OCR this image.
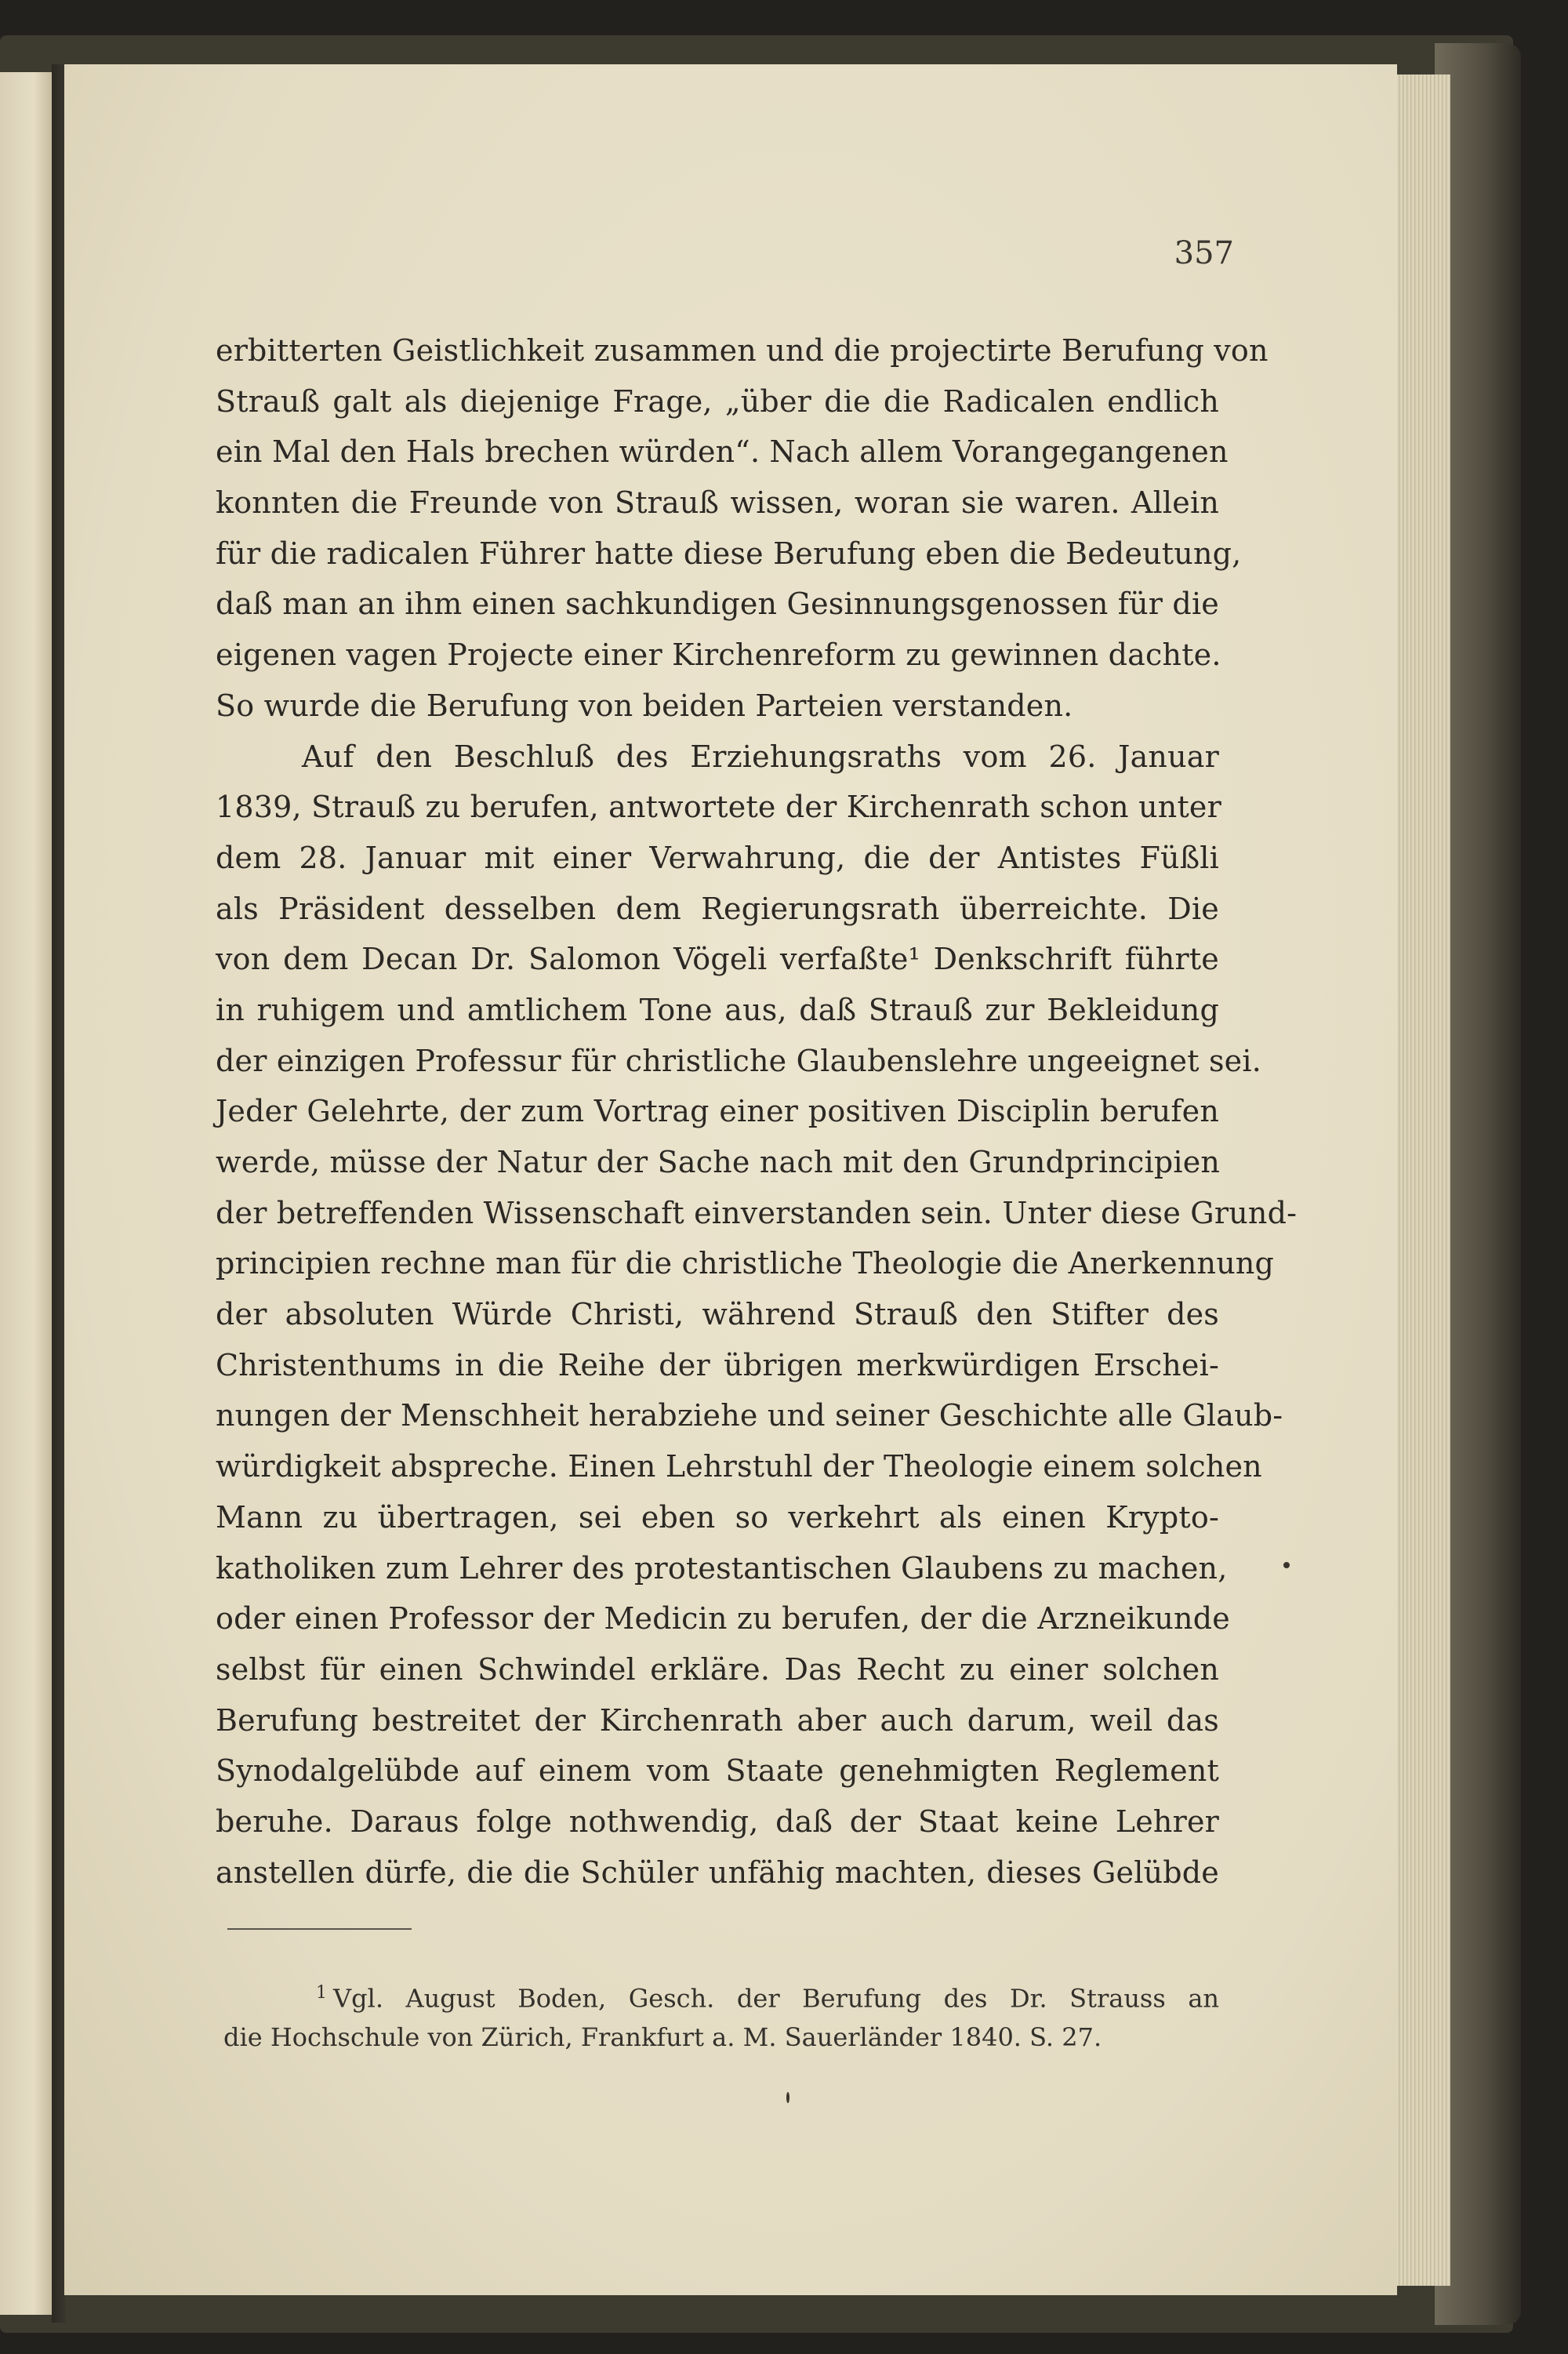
357
erbitterten Geistlichkeit zusammen und die projectirte Berufung von
Strauß galt als diejenige Frage, „über die die Radicalen endlich
ein Mal den Hals brechen würden“. Nach allem Vorangegangenen
konnten die Freunde von Strauß wissen, woran sie waren. Allein
für die radicalen Führer hatte diese Berufung eben die Bedeutung,
daß man an ihm einen sachkundigen Gesinnungsgenossen für die
eigenen vagen Projecte einer Kirchenreform zu gewinnen dachte.
So wurde die Berufung von beiden Parteien verstanden.
Auf den Beschluß des Erziehungsraths vom 26. Januar
1839, Strauß zu berufen, antwortete der Kirchenrath schon unter
dem 28. Januar mit einer Verwahrung, die der Antistes Füßli
als Präsident desselben dem Regierungsrath überreichte. Die
von dem Decan Dr. Salomon Vögeli verfaßte¹ Denkschrift führte
in ruhigem und amtlichem Tone aus, daß Strauß zur Bekleidung
der einzigen Professur für christliche Glaubenslehre ungeeignet sei.
Jeder Gelehrte, der zum Vortrag einer positiven Disciplin berufen
werde, müsse der Natur der Sache nach mit den Grundprincipien
der betreffenden Wissenschaft einverstanden sein. Unter diese Grund-
principien rechne man für die christliche Theologie die Anerkennung
der absoluten Würde Christi, während Strauß den Stifter des
Christenthums in die Reihe der übrigen merkwürdigen Erschei-
nungen der Menschheit herabziehe und seiner Geschichte alle Glaub-
würdigkeit abspreche. Einen Lehrstuhl der Theologie einem solchen
Mann zu übertragen, sei eben so verkehrt als einen Krypto-
katholiken zum Lehrer des protestantischen Glaubens zu machen,
oder einen Professor der Medicin zu berufen, der die Arzneikunde
selbst für einen Schwindel erkläre. Das Recht zu einer solchen
Berufung bestreitet der Kirchenrath aber auch darum, weil das
Synodalgelübde auf einem vom Staate genehmigten Reglement
beruhe. Daraus folge nothwendig, daß der Staat keine Lehrer
anstellen dürfe, die die Schüler unfähig machten, dieses Gelübde
$^1$ Vgl. August Boden, Gesch. der Berufung des Dr. Strauss an
die Hochschule von Zürich, Frankfurt a. M. Sauerländer 1840. S. 27.
